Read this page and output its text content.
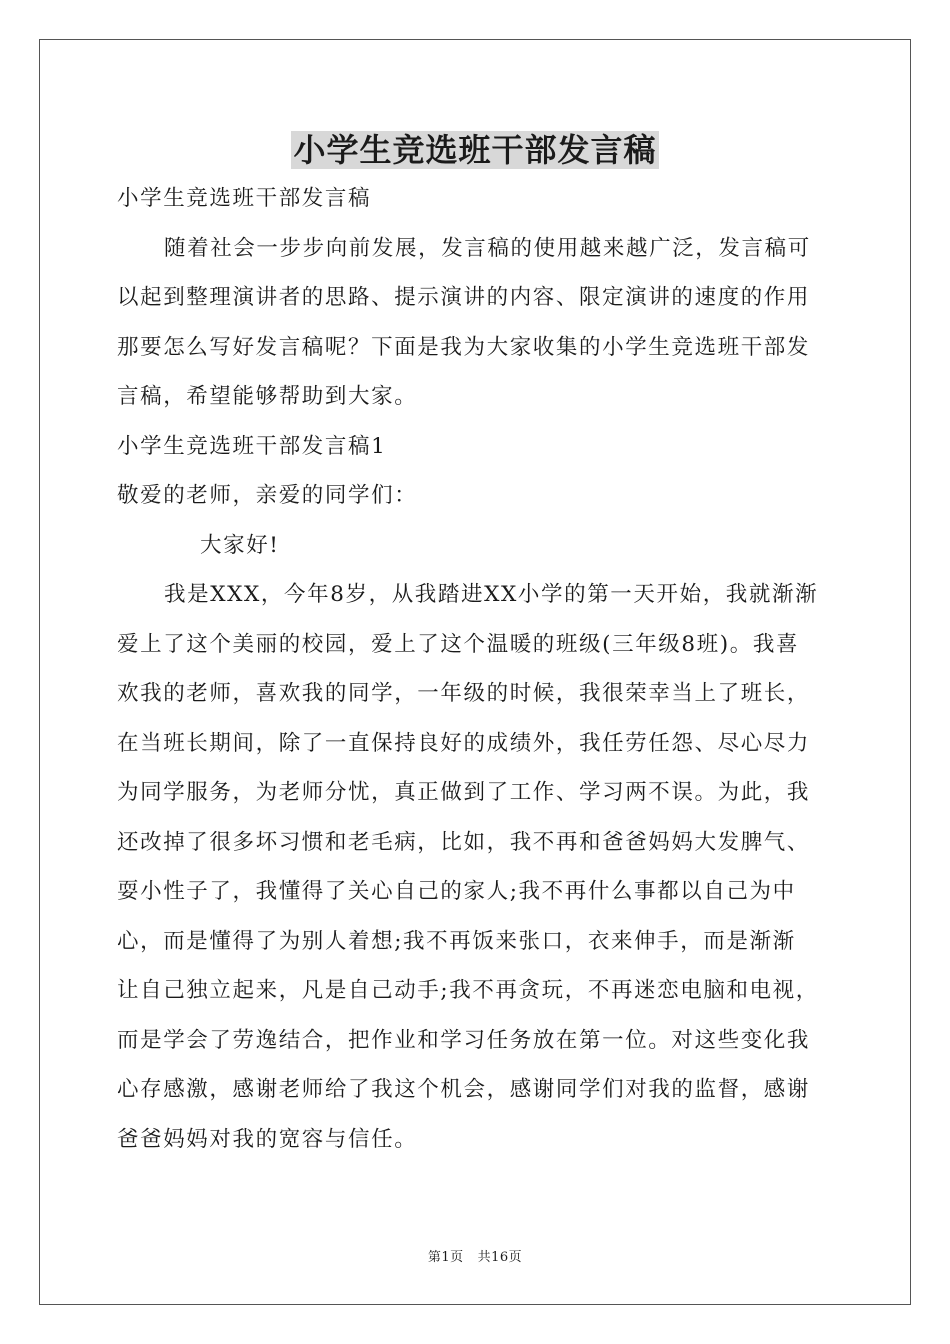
小学生竞选班干部发言稿
小学生竞选班干部发言稿
随着社会一步步向前发展，发言稿的使用越来越广泛，发言稿可
以起到整理演讲者的思路、提示演讲的内容、限定演讲的速度的作用
那要怎么写好发言稿呢？下面是我为大家收集的小学生竞选班干部发
言稿，希望能够帮助到大家。
小学生竞选班干部发言稿1
敬爱的老师，亲爱的同学们：
大家好!
我是XXX，今年8岁，从我踏进XX小学的第一天开始，我就渐渐
爱上了这个美丽的校园，爱上了这个温暖的班级(三年级8班)。我喜
欢我的老师，喜欢我的同学，一年级的时候，我很荣幸当上了班长，
在当班长期间，除了一直保持良好的成绩外，我任劳任怨、尽心尽力
为同学服务，为老师分忧，真正做到了工作、学习两不误。为此，我
还改掉了很多坏习惯和老毛病，比如，我不再和爸爸妈妈大发脾气、
耍小性子了，我懂得了关心自己的家人;我不再什么事都以自己为中
心，而是懂得了为别人着想;我不再饭来张口，衣来伸手，而是渐渐
让自己独立起来，凡是自己动手;我不再贪玩，不再迷恋电脑和电视，
而是学会了劳逸结合，把作业和学习任务放在第一位。对这些变化我
心存感激，感谢老师给了我这个机会，感谢同学们对我的监督，感谢
爸爸妈妈对我的宽容与信任。
第1页 共16页
